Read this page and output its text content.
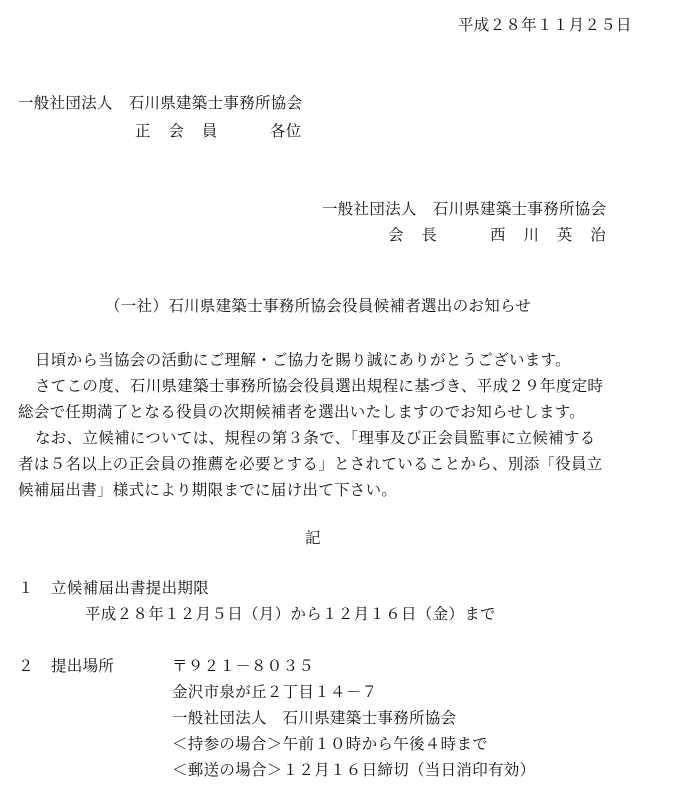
平成２８年１１月２５日
一般社団法人　石川県建築士事務所協会
正　会　員	各位
一般社団法人　石川県建築士事務所協会
会　長	西　川　英　治
（一社）石川県建築士事務所協会役員候補者選出のお知らせ
日頃から当協会の活動にご理解・ご協力を賜り誠にありがとうございます。
さてこの度、石川県建築士事務所協会役員選出規程に基づき、平成２９年度定時
総会で任期満了となる役員の次期候補者を選出いたしますのでお知らせします。
なお、立候補については、規程の第３条で、「理事及び正会員監事に立候補する
者は５名以上の正会員の推薦を必要とする」とされていることから、別添「役員立
候補届出書」様式により期限までに届け出て下さい。
記
１ 立候補届出書提出期限
平成２８年１２月５日（月）から１２月１６日（金）まで
２ 提出場所	〒９２１－８０３５
金沢市泉が丘２丁目１４－７
一般社団法人　石川県建築士事務所協会
＜持参の場合＞午前１０時から午後４時まで
＜郵送の場合＞１２月１６日締切（当日消印有効）
